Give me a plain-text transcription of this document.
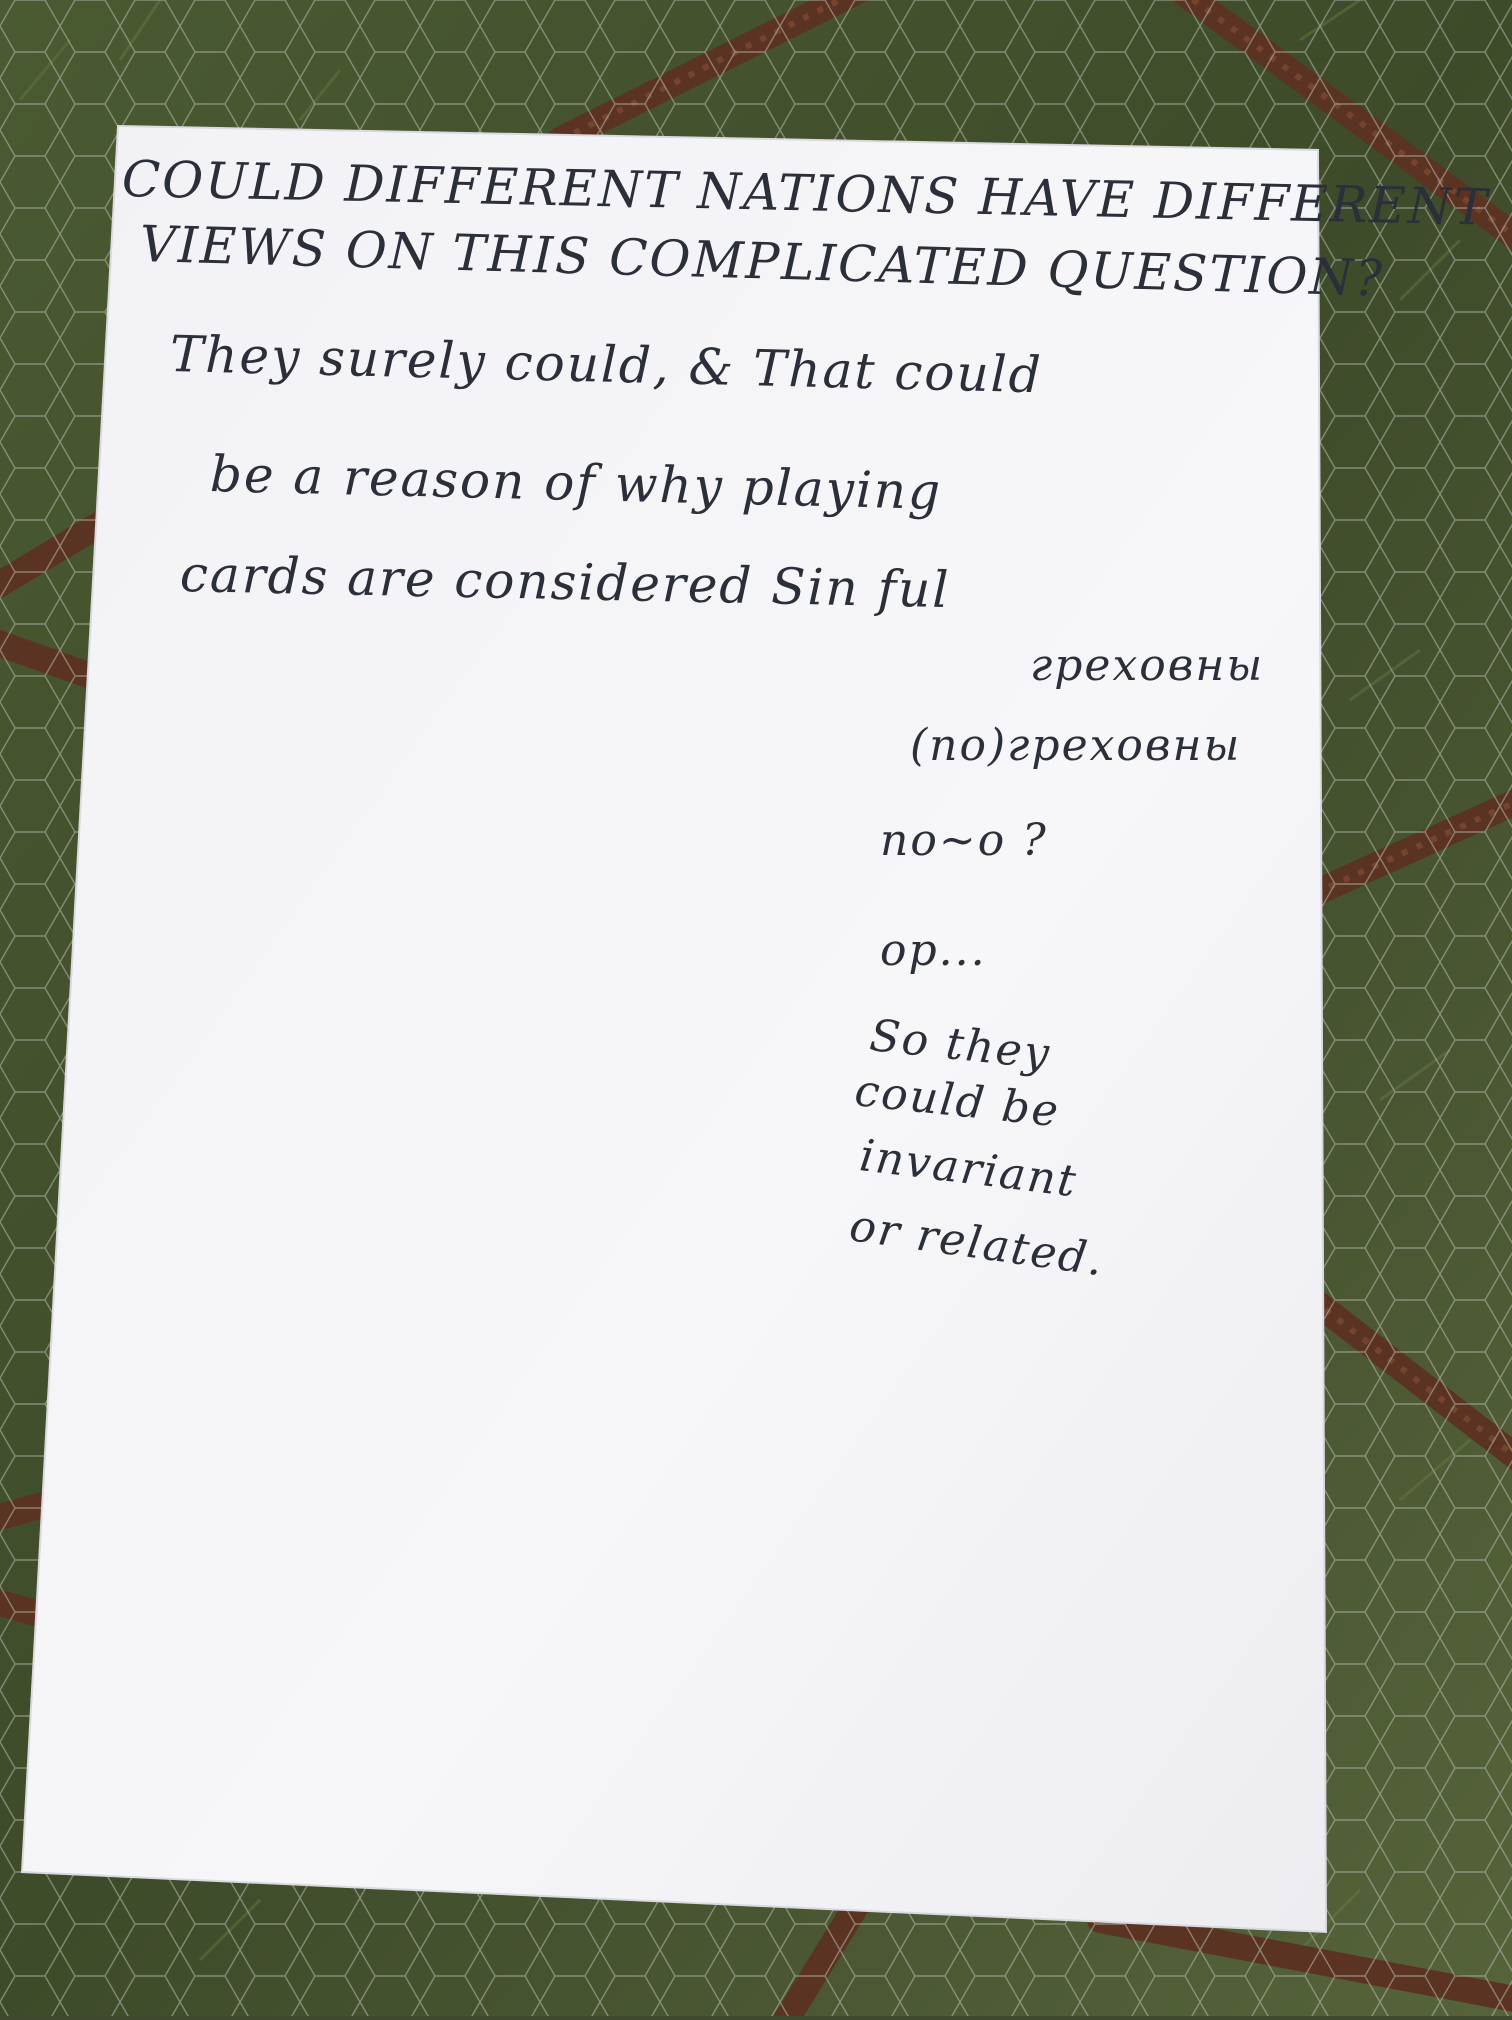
COULD DIFFERENT NATIONS HAVE DIFFERENT
VIEWS ON THIS COMPLICATED QUESTION?
They surely could, & That could
be a reason of why playing
cards are considered Sin ful
греховны
(по)греховны
по~о ?
ор...
So they
could be
invariant
or related.
